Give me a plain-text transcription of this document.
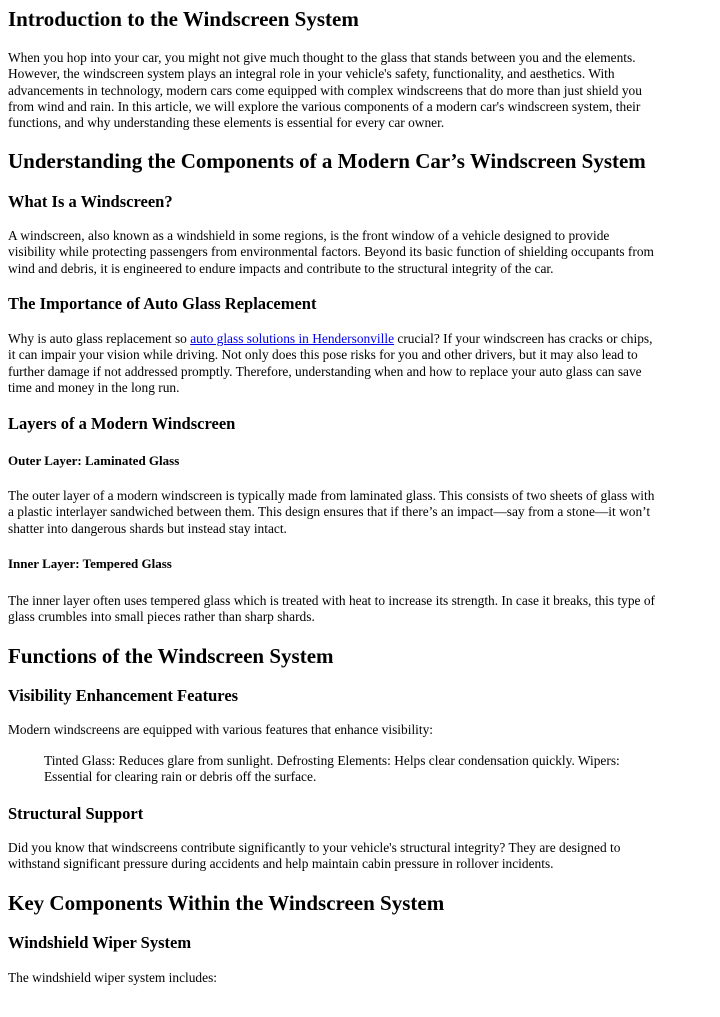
Introduction to the Windscreen System

When you hop into your car, you might not give much thought to the glass that stands between you and the elements.
However, the windscreen system plays an integral role in your vehicle's safety, functionality, and aesthetics. With
advancements in technology, modern cars come equipped with complex windscreens that do more than just shield you
from wind and rain. In this article, we will explore the various components of a modern car's windscreen system, their
functions, and why understanding these elements is essential for every car owner.

Understanding the Components of a Modern Car’s Windscreen System
What Is a Windscreen?

A windscreen, also known as a windshield in some regions, is the front window of a vehicle designed to provide
visibility while protecting passengers from environmental factors. Beyond its basic function of shielding occupants from
wind and debris, it is engineered to endure impacts and contribute to the structural integrity of the car.

The Importance of Auto Glass Replacement

Why is auto glass replacement so auto glass solutions in Hendersonville crucial? If your windscreen has cracks or chips,
it can impair your vision while driving. Not only does this pose risks for you and other drivers, but it may also lead to
further damage if not addressed promptly. Therefore, understanding when and how to replace your auto glass can save
time and money in the long run.

Layers of a Modern Windscreen
Outer Layer: Laminated Glass

The outer layer of a modern windscreen is typically made from laminated glass. This consists of two sheets of glass with
a plastic interlayer sandwiched between them. This design ensures that if there’s an impact—say from a stone—it won’t
shatter into dangerous shards but instead stay intact.

Inner Layer: Tempered Glass

The inner layer often uses tempered glass which is treated with heat to increase its strength. In case it breaks, this type of
glass crumbles into small pieces rather than sharp shards.

Functions of the Windscreen System
Visibility Enhancement Features

Modern windscreens are equipped with various features that enhance visibility:

Tinted Glass: Reduces glare from sunlight. Defrosting Elements: Helps clear condensation quickly. Wipers:
Essential for clearing rain or debris off the surface.

Structural Support

Did you know that windscreens contribute significantly to your vehicle's structural integrity? They are designed to
withstand significant pressure during accidents and help maintain cabin pressure in rollover incidents.

Key Components Within the Windscreen System
Windshield Wiper System

The windshield wiper system includes:
